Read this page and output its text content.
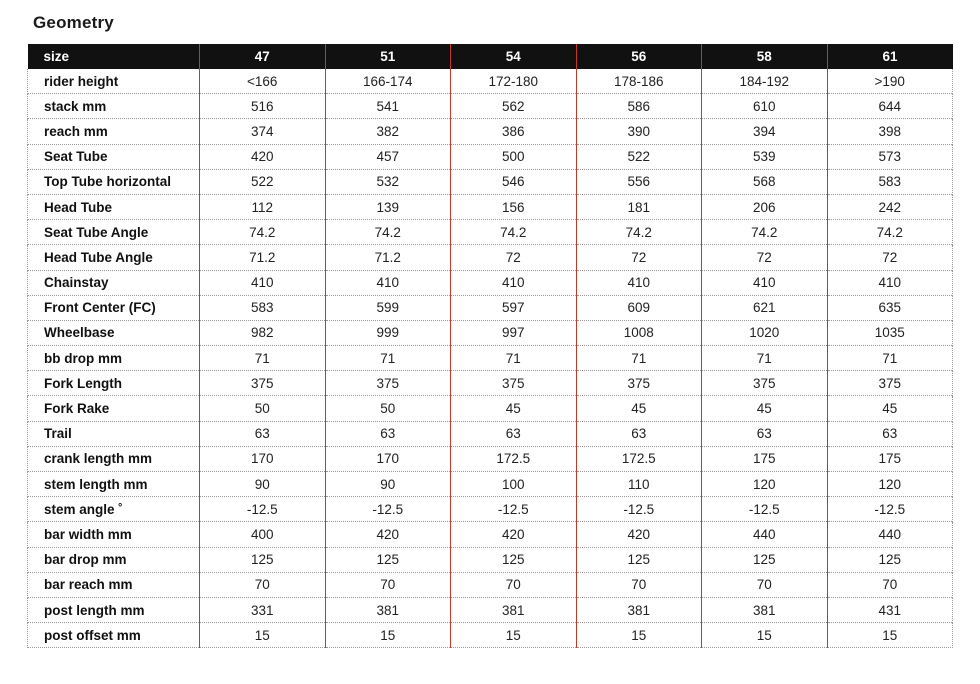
Geometry
size	47	51	54	56	58	61
rider height	<166	166-174	172-180	178-186	184-192	>190
stack mm	516	541	562	586	610	644
reach mm	374	382	386	390	394	398
Seat Tube	420	457	500	522	539	573
Top Tube horizontal	522	532	546	556	568	583
Head Tube	112	139	156	181	206	242
Seat Tube Angle	74.2	74.2	74.2	74.2	74.2	74.2
Head Tube Angle	71.2	71.2	72	72	72	72
Chainstay	410	410	410	410	410	410
Front Center (FC)	583	599	597	609	621	635
Wheelbase	982	999	997	1008	1020	1035
bb drop mm	71	71	71	71	71	71
Fork Length	375	375	375	375	375	375
Fork Rake	50	50	45	45	45	45
Trail	63	63	63	63	63	63
crank length mm	170	170	172.5	172.5	175	175
stem length mm	90	90	100	110	120	120
stem angle ˚	-12.5	-12.5	-12.5	-12.5	-12.5	-12.5
bar width mm	400	420	420	420	440	440
bar drop mm	125	125	125	125	125	125
bar reach mm	70	70	70	70	70	70
post length mm	331	381	381	381	381	431
post offset mm	15	15	15	15	15	15
